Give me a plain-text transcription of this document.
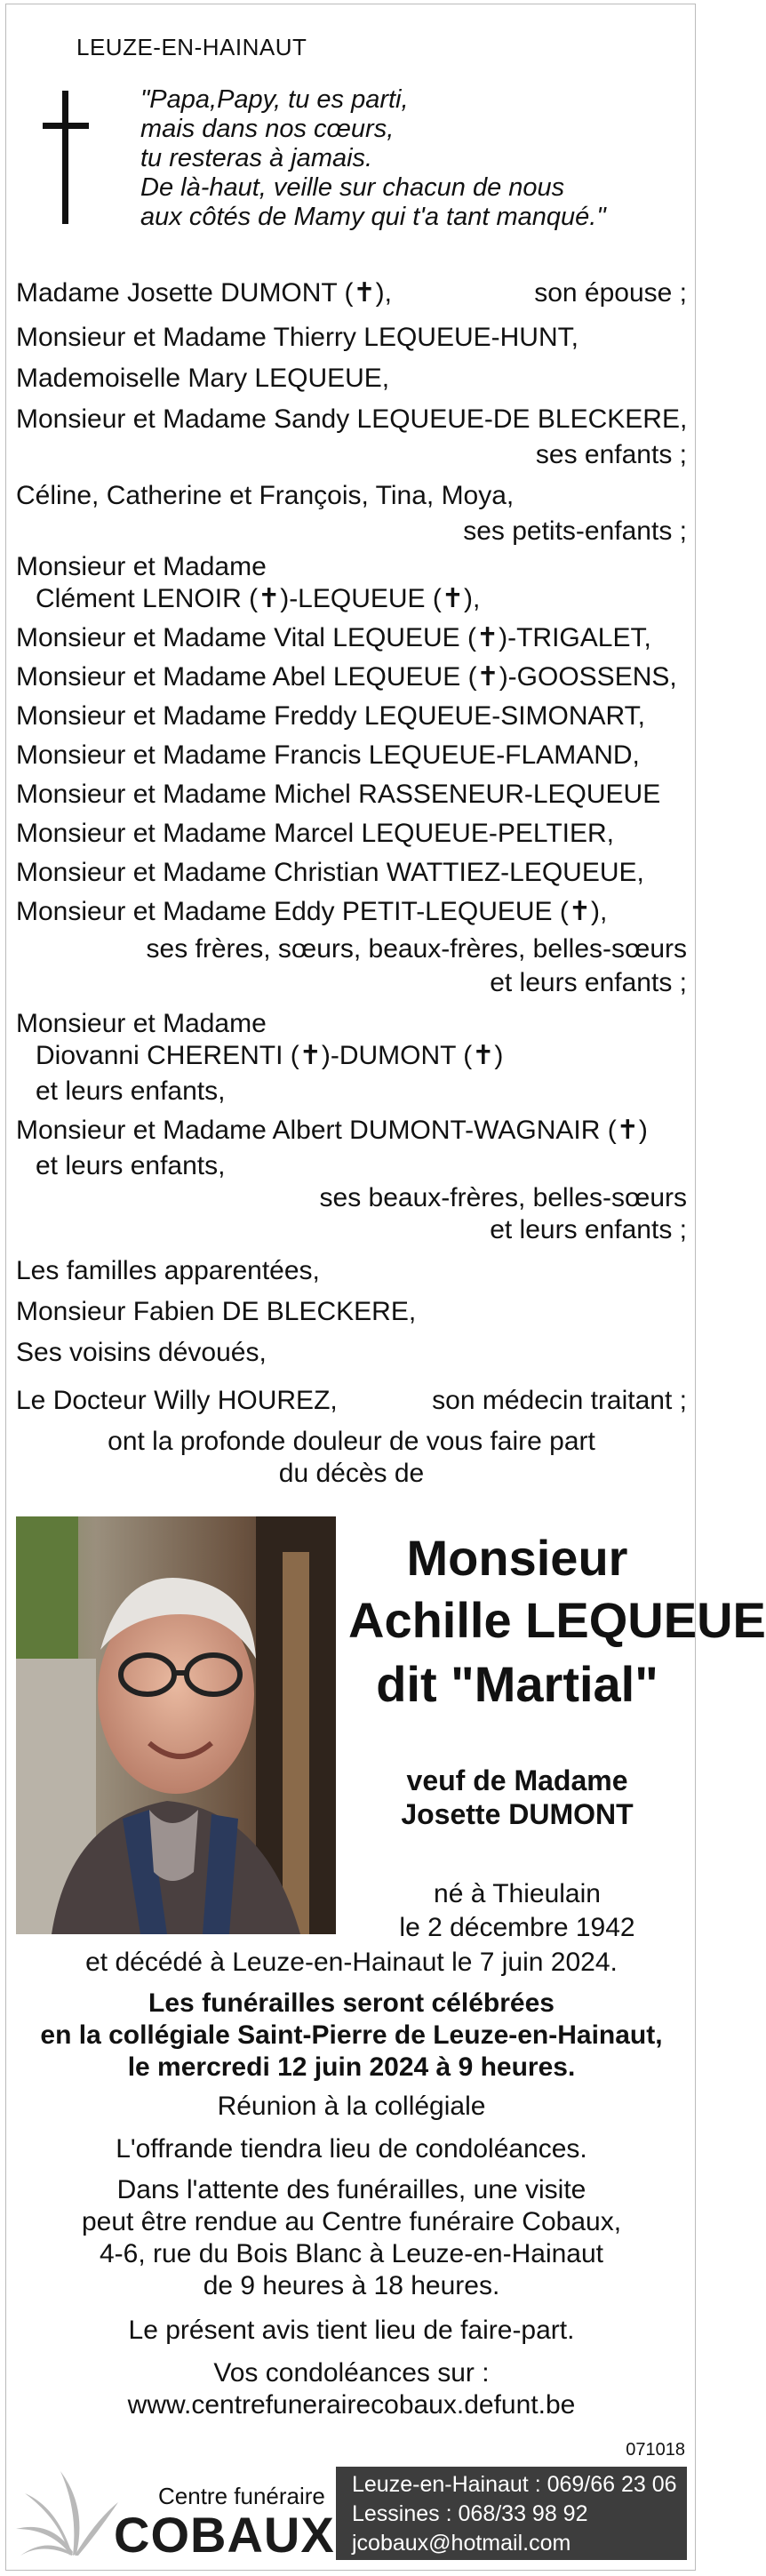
LEUZE-EN-HAINAUT
"Papa,Papy, tu es parti,
mais dans nos cœurs,
tu resteras à jamais.
De là-haut, veille sur chacun de nous
aux côtés de Mamy qui t'a tant manqué."
Madame Josette DUMONT (✝),	son épouse ;
Monsieur et Madame Thierry LEQUEUE-HUNT,
Mademoiselle Mary LEQUEUE,
Monsieur et Madame Sandy LEQUEUE-DE BLECKERE,
ses enfants ;
Céline, Catherine et François, Tina, Moya,
ses petits-enfants ;
Monsieur et Madame
Clément LENOIR (✝)-LEQUEUE (✝),
Monsieur et Madame Vital LEQUEUE (✝)-TRIGALET,
Monsieur et Madame Abel LEQUEUE (✝)-GOOSSENS,
Monsieur et Madame Freddy LEQUEUE-SIMONART,
Monsieur et Madame Francis LEQUEUE-FLAMAND,
Monsieur et Madame Michel RASSENEUR-LEQUEUE
Monsieur et Madame Marcel LEQUEUE-PELTIER,
Monsieur et Madame Christian WATTIEZ-LEQUEUE,
Monsieur et Madame Eddy PETIT-LEQUEUE (✝),
ses frères, sœurs, beaux-frères, belles-sœurs
et leurs enfants ;
Monsieur et Madame
Diovanni CHERENTI (✝)-DUMONT (✝)
et leurs enfants,
Monsieur et Madame Albert DUMONT-WAGNAIR (✝)
et leurs enfants,
ses beaux-frères, belles-sœurs
et leurs enfants ;
Les familles apparentées,
Monsieur Fabien DE BLECKERE,
Ses voisins dévoués,
Le Docteur Willy HOUREZ,	son médecin traitant ;
ont la profonde douleur de vous faire part
du décès de
Monsieur
Achille LEQUEUE
dit "Martial"
veuf de Madame
Josette DUMONT
né à Thieulain
le 2 décembre 1942
et décédé à Leuze-en-Hainaut le 7 juin 2024.
Les funérailles seront célébrées
en la collégiale Saint-Pierre de Leuze-en-Hainaut,
le mercredi 12 juin 2024 à 9 heures.
Réunion à la collégiale
L'offrande tiendra lieu de condoléances.
Dans l'attente des funérailles, une visite
peut être rendue au Centre funéraire Cobaux,
4-6, rue du Bois Blanc à Leuze-en-Hainaut
de 9 heures à 18 heures.
Le présent avis tient lieu de faire-part.
Vos condoléances sur :
www.centrefunerairecobaux.defunt.be
071018
Centre funéraire
COBAUX
Leuze-en-Hainaut : 069/66 23 06
Lessines : 068/33 98 92
jcobaux@hotmail.com
